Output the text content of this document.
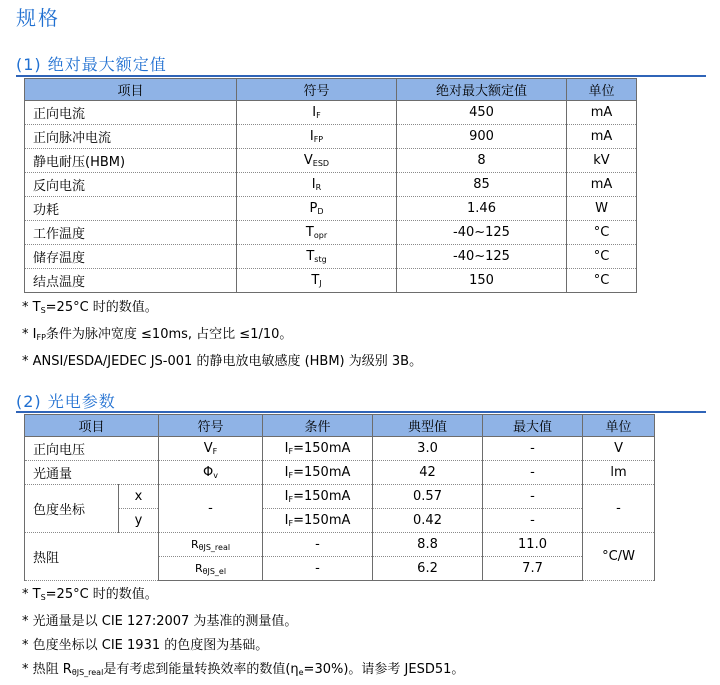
规格
(1) 绝对最大额定值
项目	符号	绝对最大额定值	单位
正向电流	$I_F$	450	mA
正向脉冲电流	$I_{FP}$	900	mA
静电耐压(HBM)	$V_{ESD}$	8	kV
反向电流	$I_R$	85	mA
功耗	$P_D$	1.46	W
工作温度	$T_{opr}$	-40~125	°C
储存温度	$T_{stg}$	-40~125	°C
结点温度	$T_J$	150	°C
* $T_S=25^\circ C$ 时的数值。
* $I_{FP}$条件为脉冲宽度 ≤10ms, 占空比 ≤1/10。
* ANSI/ESDA/JEDEC JS-001 的静电放电敏感度 (HBM) 为级别 3B。
(2) 光电参数
项目		符号	条件	典型值	最大值	单位
正向电压		$V_F$	$I_F=150mA$	3.0	-	V
光通量		$\Phi_v$	$I_F=150mA$	42	-	lm
色度坐标	x	-	$I_F=150mA$	0.57	-	-
	y		$I_F=150mA$	0.42	-	
热阻		$R_{\theta JS\_real}$	-	8.8	11.0	°C/W
		$R_{\theta JS\_el}$	-	6.2	7.7	
* $T_S=25^\circ C$ 时的数值。
* 光通量是以 CIE 127:2007 为基准的测量值。
* 色度坐标以 CIE 1931 的色度图为基础。
* 热阻 $R_{\theta JS\_real}$是有考虑到能量转换效率的数值$(\eta_e=30\%)$。请参考 JESD51。
